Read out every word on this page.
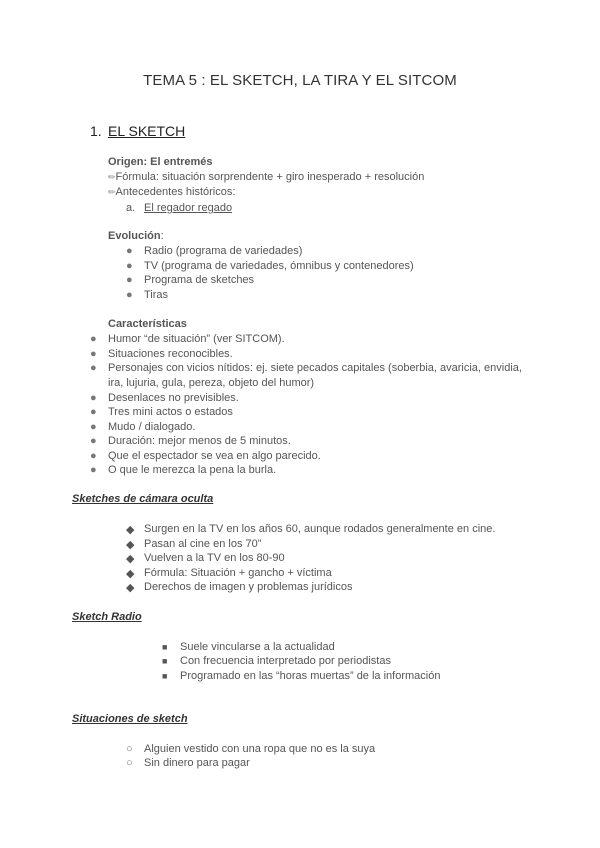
TEMA 5 : EL SKETCH, LA TIRA Y EL SITCOM
1. EL SKETCH
Origen: El entremés
✏Fórmula: situación sorprendente + giro inesperado + resolución
✏Antecedentes históricos:
a. El regador regado
Evolución:
● Radio (programa de variedades)
● TV (programa de variedades, ómnibus y contenedores)
● Programa de sketches
● Tiras
Características
● Humor “de situación” (ver SITCOM).
● Situaciones reconocibles.
● Personajes con vicios nítidos: ej. siete pecados capitales (soberbia, avaricia, envidia,
ira, lujuria, gula, pereza, objeto del humor)
● Desenlaces no previsibles.
● Tres mini actos o estados
● Mudo / dialogado.
● Duración: mejor menos de 5 minutos.
● Que el espectador se vea en algo parecido.
● O que le merezca la pena la burla.
Sketches de cámara oculta
◆ Surgen en la TV en los años 60, aunque rodados generalmente en cine.
◆ Pasan al cine en los 70”
◆ Vuelven a la TV en los 80-90
◆ Fórmula: Situación + gancho + víctima
◆ Derechos de imagen y problemas jurídicos
Sketch Radio
■ Suele vincularse a la actualidad
■ Con frecuencia interpretado por periodistas
■ Programado en las “horas muertas” de la información
Situaciones de sketch
○ Alguien vestido con una ropa que no es la suya
○ Sin dinero para pagar
